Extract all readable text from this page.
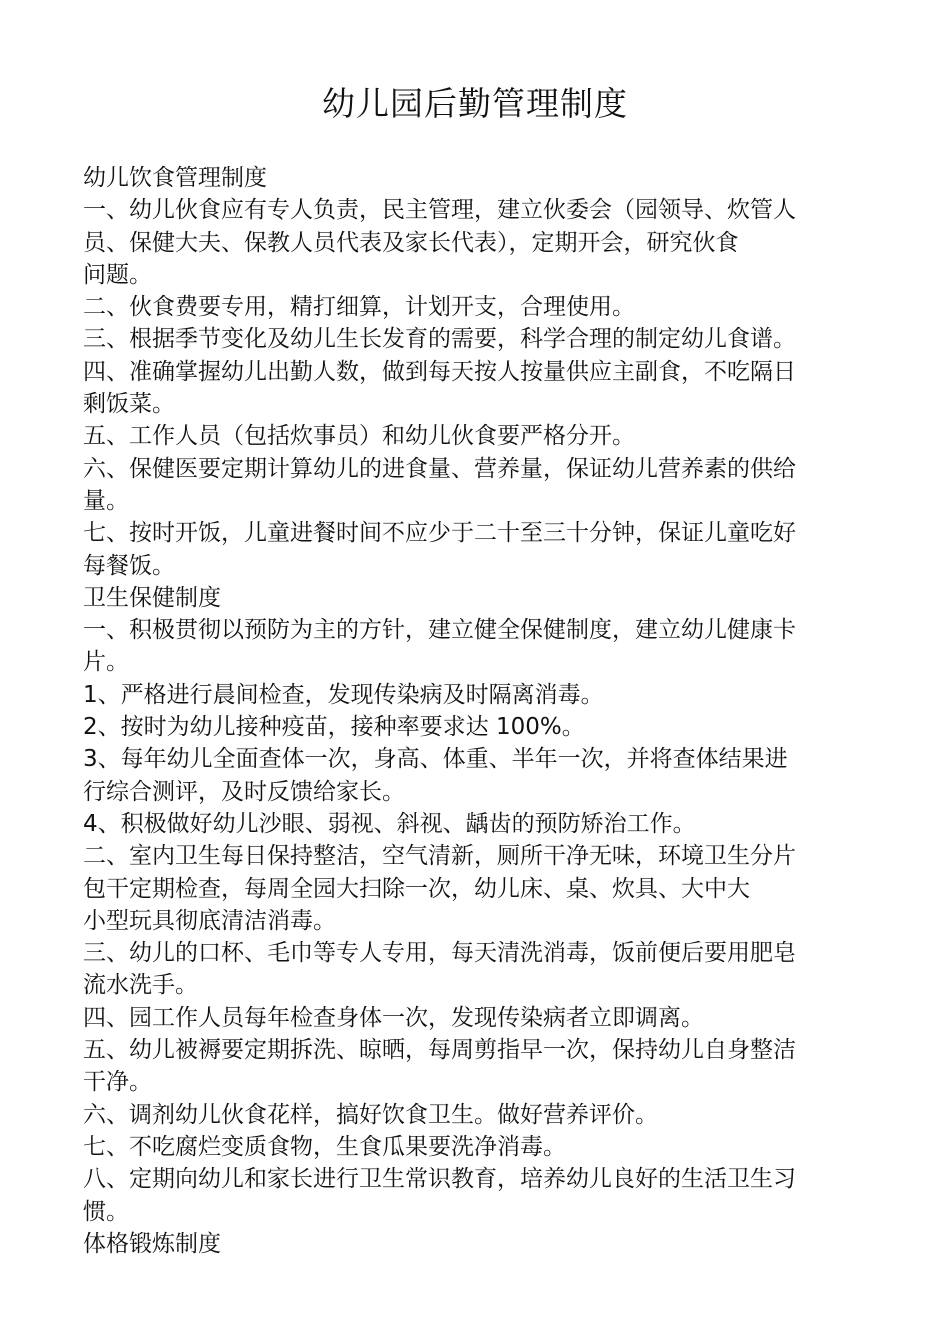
幼儿园后勤管理制度
幼儿饮食管理制度
一、幼儿伙食应有专人负责，民主管理，建立伙委会（园领导、炊管人
员、保健大夫、保教人员代表及家长代表），定期开会，研究伙食
问题。
二、伙食费要专用，精打细算，计划开支，合理使用。
三、根据季节变化及幼儿生长发育的需要，科学合理的制定幼儿食谱。
四、准确掌握幼儿出勤人数，做到每天按人按量供应主副食，不吃隔日
剩饭菜。
五、工作人员（包括炊事员）和幼儿伙食要严格分开。
六、保健医要定期计算幼儿的进食量、营养量，保证幼儿营养素的供给
量。
七、按时开饭，儿童进餐时间不应少于二十至三十分钟，保证儿童吃好
每餐饭。
卫生保健制度
一、积极贯彻以预防为主的方针，建立健全保健制度，建立幼儿健康卡
片。
1、严格进行晨间检查，发现传染病及时隔离消毒。
2、按时为幼儿接种疫苗，接种率要求达 100%。
3、每年幼儿全面查体一次，身高、体重、半年一次，并将查体结果进
行综合测评，及时反馈给家长。
4、积极做好幼儿沙眼、弱视、斜视、龋齿的预防矫治工作。
二、室内卫生每日保持整洁，空气清新，厕所干净无味，环境卫生分片
包干定期检查，每周全园大扫除一次，幼儿床、桌、炊具、大中大
小型玩具彻底清洁消毒。
三、幼儿的口杯、毛巾等专人专用，每天清洗消毒，饭前便后要用肥皂
流水洗手。
四、园工作人员每年检查身体一次，发现传染病者立即调离。
五、幼儿被褥要定期拆洗、晾晒，每周剪指早一次，保持幼儿自身整洁
干净。
六、调剂幼儿伙食花样，搞好饮食卫生。做好营养评价。
七、不吃腐烂变质食物，生食瓜果要洗净消毒。
八、定期向幼儿和家长进行卫生常识教育，培养幼儿良好的生活卫生习
惯。
体格锻炼制度
